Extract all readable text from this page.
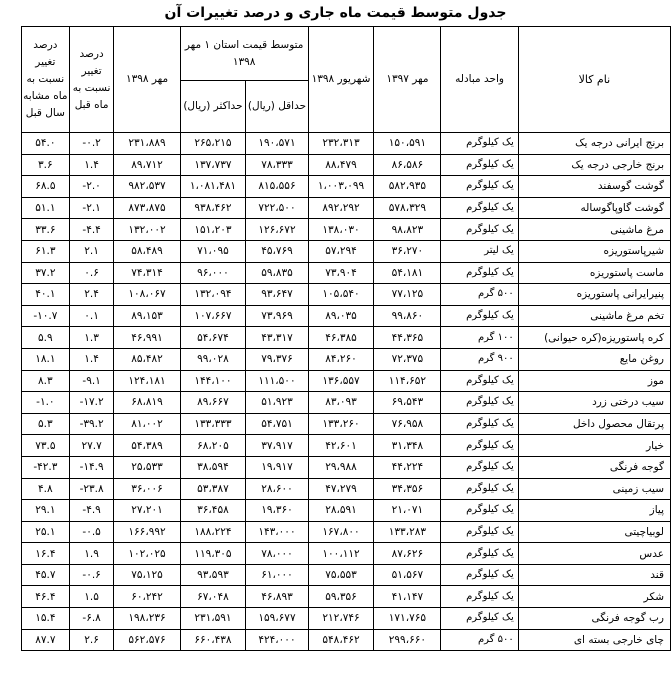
جدول متوسط قیمت ماه جاری و درصد تغییرات آن
نام کالا	واحد مبادله	مهر ۱۳۹۷	شهریور ۱۳۹۸	متوسط قیمت استان ۱ مهر ۱۳۹۸		مهر ۱۳۹۸	درصد تغییر نسبت به ماه قبل	درصد تغییر نسبت به ماه مشابه سال قبل
				حداقل (ریال)	حداکثر (ریال)			
برنج ایرانی درجه یک	یک کیلوگرم	۱۵۰،۵۹۱	۲۳۲،۳۱۳	۱۹۰،۵۷۱	۲۶۵،۲۱۵	۲۳۱،۸۸۹	۰.۲-	۵۴.۰
برنج خارجی درجه یک	یک کیلوگرم	۸۶،۵۸۶	۸۸،۴۷۹	۷۸،۳۳۳	۱۳۷،۷۳۷	۸۹،۷۱۲	۱.۴	۳.۶
گوشت گوسفند	یک کیلوگرم	۵۸۲،۹۳۵	۱،۰۰۳،۰۹۹	۸۱۵،۵۵۶	۱،۰۸۱،۴۸۱	۹۸۲،۵۳۷	۲.۰-	۶۸.۵
گوشت گاوپاگوساله	یک کیلوگرم	۵۷۸،۳۲۹	۸۹۲،۲۹۲	۷۲۲،۵۰۰	۹۳۸،۴۶۲	۸۷۳،۸۷۵	۲.۱-	۵۱.۱
مرغ ماشینی	یک کیلوگرم	۹۸،۸۲۳	۱۳۸،۰۳۰	۱۲۶،۶۷۲	۱۵۱،۲۰۳	۱۳۲،۰۰۲	۴.۴-	۳۳.۶
شیرپاستوریزه	یک لیتر	۳۶،۲۷۰	۵۷،۲۹۴	۴۵،۷۶۹	۷۱،۰۹۵	۵۸،۴۸۹	۲.۱	۶۱.۳
ماست پاستوریزه	یک کیلوگرم	۵۴،۱۸۱	۷۳،۹۰۴	۵۹،۸۳۵	۹۶،۰۰۰	۷۴،۳۱۴	۰.۶	۳۷.۲
پنیرایرانی پاستوریزه	۵۰۰ گرم	۷۷،۱۲۵	۱۰۵،۵۴۰	۹۳،۶۴۷	۱۳۲،۰۹۴	۱۰۸،۰۶۷	۲.۴	۴۰.۱
تخم مرغ ماشینی	یک کیلوگرم	۹۹،۸۶۰	۸۹،۰۳۵	۷۳،۹۶۹	۱۰۷،۶۶۷	۸۹،۱۵۳	۰.۱	۱۰.۷-
کره پاستوریزه(کره حیوانی)	۱۰۰ گرم	۴۴،۳۶۵	۴۶،۳۸۵	۴۳،۳۱۷	۵۴،۶۷۴	۴۶،۹۹۱	۱.۳	۵.۹
روغن مایع	۹۰۰ گرم	۷۲،۳۷۵	۸۴،۲۶۰	۷۹،۳۷۶	۹۹،۰۲۸	۸۵،۴۸۲	۱.۴	۱۸.۱
موز	یک کیلوگرم	۱۱۴،۶۵۲	۱۳۶،۵۵۷	۱۱۱،۵۰۰	۱۴۴،۱۰۰	۱۲۴،۱۸۱	۹.۱-	۸.۳
سیب درختی زرد	یک کیلوگرم	۶۹،۵۴۳	۸۳،۰۹۳	۵۱،۹۲۳	۸۹،۶۶۷	۶۸،۸۱۹	۱۷.۲-	۱.۰-
پرتقال محصول داخل	یک کیلوگرم	۷۶،۹۵۸	۱۳۳،۲۶۰	۵۴،۷۵۱	۱۳۳،۳۳۳	۸۱،۰۰۲	۳۹.۲-	۵.۳
خیار	یک کیلوگرم	۳۱،۳۴۸	۴۲،۶۰۱	۳۷،۹۱۷	۶۸،۲۰۵	۵۴،۳۸۹	۲۷.۷	۷۳.۵
گوجه فرنگی	یک کیلوگرم	۴۴،۲۲۴	۲۹،۹۸۸	۱۹،۹۱۷	۳۸،۵۹۴	۲۵،۵۳۳	۱۴.۹-	۴۲.۳-
سیب زمینی	یک کیلوگرم	۳۴،۳۵۶	۴۷،۲۷۹	۲۸،۶۰۰	۵۳،۳۸۷	۳۶،۰۰۶	۲۳.۸-	۴.۸
پیاز	یک کیلوگرم	۲۱،۰۷۱	۲۸،۵۹۱	۱۹،۳۶۰	۳۶،۴۵۸	۲۷،۲۰۱	۴.۹-	۲۹.۱
لوبیاچیتی	یک کیلوگرم	۱۳۳،۲۸۳	۱۶۷،۸۰۰	۱۴۳،۰۰۰	۱۸۸،۲۲۴	۱۶۶،۹۹۲	۰.۵-	۲۵.۱
عدس	یک کیلوگرم	۸۷،۶۲۶	۱۰۰،۱۱۲	۷۸،۰۰۰	۱۱۹،۳۰۵	۱۰۲،۰۲۵	۱.۹	۱۶.۴
قند	یک کیلوگرم	۵۱،۵۶۷	۷۵،۵۵۳	۶۱،۰۰۰	۹۳،۵۹۳	۷۵،۱۲۵	۰.۶-	۴۵.۷
شکر	یک کیلوگرم	۴۱،۱۴۷	۵۹،۳۵۶	۴۶،۸۹۳	۶۷،۰۴۸	۶۰،۲۴۲	۱.۵	۴۶.۴
رب گوجه فرنگی	یک کیلوگرم	۱۷۱،۷۶۵	۲۱۲،۷۴۶	۱۵۹،۶۷۷	۲۳۱،۵۹۱	۱۹۸،۲۳۶	۶.۸-	۱۵.۴
چای خارجی بسته ای	۵۰۰ گرم	۲۹۹،۶۶۰	۵۴۸،۴۶۲	۴۲۴،۰۰۰	۶۶۰،۴۳۸	۵۶۲،۵۷۶	۲.۶	۸۷.۷
